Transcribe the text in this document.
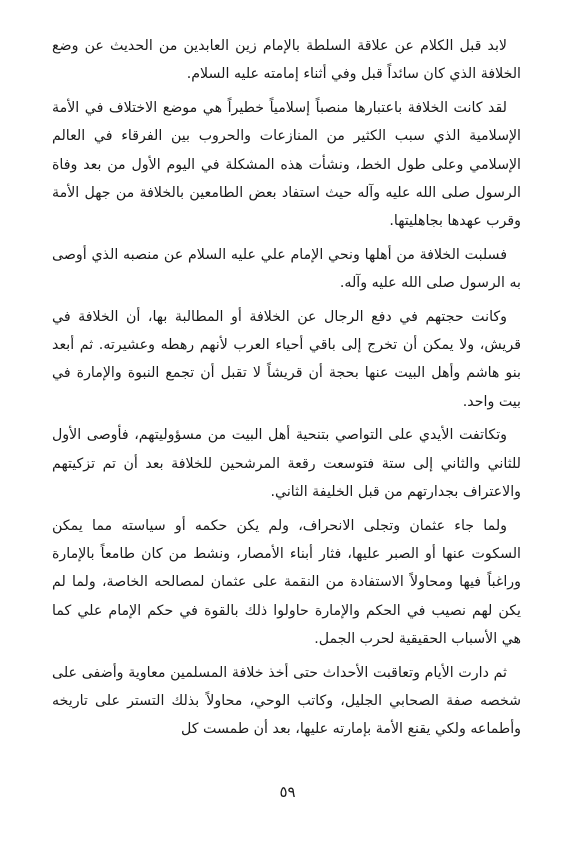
لابد قبل الكلام عن علاقة السلطة بالإمام زين العابدين من الحديث عن وضع الخلافة الذي كان سائداً قبل وفي أثناء إمامته عليه السلام.

لقد كانت الخلافة باعتبارها منصباً إسلامياً خطيراً هي موضع الاختلاف في الأمة الإسلامية الذي سبب الكثير من المنازعات والحروب بين الفرقاء في العالم الإسلامي وعلى طول الخط، ونشأت هذه المشكلة في اليوم الأول من بعد وفاة الرسول صلى الله عليه وآله حيث استفاد بعض الطامعين بالخلافة من جهل الأمة وقرب عهدها بجاهليتها.

فسلبت الخلافة من أهلها ونحي الإمام علي عليه السلام عن منصبه الذي أوصى به الرسول صلى الله عليه وآله.

وكانت حجتهم في دفع الرجال عن الخلافة أو المطالبة بها، أن الخلافة في قريش، ولا يمكن أن تخرج إلى باقي أحياء العرب لأنهم رهطه وعشيرته. ثم أبعد بنو هاشم وأهل البيت عنها بحجة أن قريشاً لا تقبل أن تجمع النبوة والإمارة في بيت واحد.

وتكاتفت الأيدي على التواصي بتنحية أهل البيت من مسؤوليتهم، فأوصى الأول للثاني والثاني إلى ستة فتوسعت رقعة المرشحين للخلافة بعد أن تم تزكيتهم والاعتراف بجدارتهم من قبل الخليفة الثاني.

ولما جاء عثمان وتجلى الانحراف، ولم يكن حكمه أو سياسته مما يمكن السكوت عنها أو الصبر عليها، فثار أبناء الأمصار، ونشط من كان طامعاً بالإمارة وراغباً فيها ومحاولاً الاستفادة من النقمة على عثمان لمصالحه الخاصة، ولما لم يكن لهم نصيب في الحكم والإمارة حاولوا ذلك بالقوة في حكم الإمام علي كما هي الأسباب الحقيقية لحرب الجمل.

ثم دارت الأيام وتعاقبت الأحداث حتى أخذ خلافة المسلمين معاوية وأضفى على شخصه صفة الصحابي الجليل، وكاتب الوحي، محاولاً بذلك التستر على تاريخه وأطماعه ولكي يقنع الأمة بإمارته عليها، بعد أن طمست كل

٥٩
